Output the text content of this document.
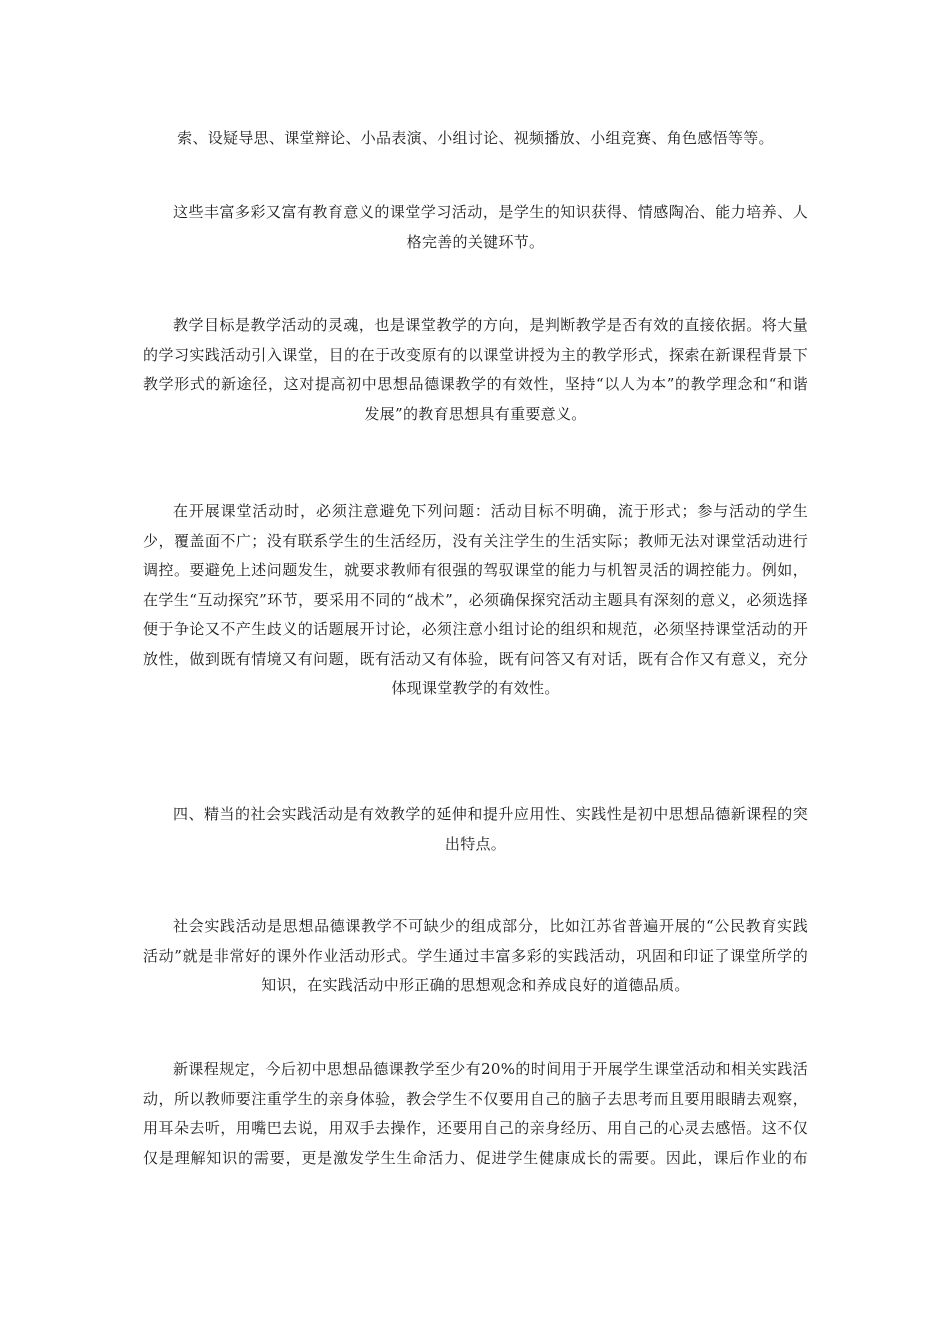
索、设疑导思、课堂辩论、小品表演、小组讨论、视频播放、小组竞赛、角色感悟等等。

这些丰富多彩又富有教育意义的课堂学习活动，是学生的知识获得、情感陶冶、能力培养、人格完善的关键环节。

教学目标是教学活动的灵魂，也是课堂教学的方向，是判断教学是否有效的直接依据。将大量的学习实践活动引入课堂，目的在于改变原有的以课堂讲授为主的教学形式，探索在新课程背景下教学形式的新途径，这对提高初中思想品德课教学的有效性，坚持“以人为本”的教学理念和“和谐发展”的教育思想具有重要意义。

在开展课堂活动时，必须注意避免下列问题：活动目标不明确，流于形式；参与活动的学生少，覆盖面不广；没有联系学生的生活经历，没有关注学生的生活实际；教师无法对课堂活动进行调控。要避免上述问题发生，就要求教师有很强的驾驭课堂的能力与机智灵活的调控能力。例如，在学生“互动探究”环节，要采用不同的“战术”，必须确保探究活动主题具有深刻的意义，必须选择便于争论又不产生歧义的话题展开讨论，必须注意小组讨论的组织和规范，必须坚持课堂活动的开放性，做到既有情境又有问题，既有活动又有体验，既有问答又有对话，既有合作又有意义，充分体现课堂教学的有效性。

四、精当的社会实践活动是有效教学的延伸和提升应用性、实践性是初中思想品德新课程的突出特点。

社会实践活动是思想品德课教学不可缺少的组成部分，比如江苏省普遍开展的“公民教育实践活动”就是非常好的课外作业活动形式。学生通过丰富多彩的实践活动，巩固和印证了课堂所学的知识，在实践活动中形正确的思想观念和养成良好的道德品质。

新课程规定，今后初中思想品德课教学至少有20%的时间用于开展学生课堂活动和相关实践活动，所以教师要注重学生的亲身体验，教会学生不仅要用自己的脑子去思考而且要用眼睛去观察，用耳朵去听，用嘴巴去说，用双手去操作，还要用自己的亲身经历、用自己的心灵去感悟。这不仅仅是理解知识的需要，更是激发学生生命活力、促进学生健康成长的需要。因此，课后作业的布
